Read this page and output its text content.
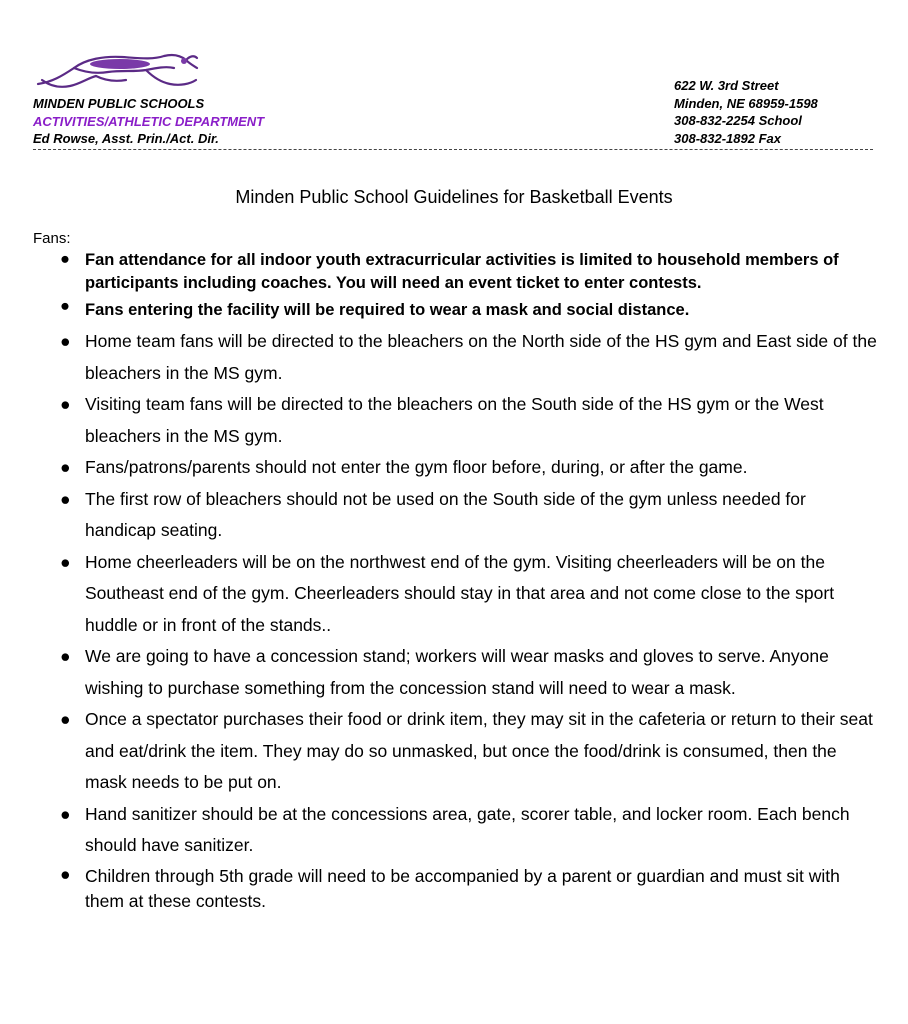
MINDEN PUBLIC SCHOOLS
ACTIVITIES/ATHLETIC DEPARTMENT
Ed Rowse, Asst. Prin./Act. Dir.
622 W. 3rd Street
Minden, NE 68959-1598
308-832-2254 School
308-832-1892 Fax
Minden Public School Guidelines for Basketball Events
Fans:
● Fan attendance for all indoor youth extracurricular activities is limited to household members of participants including coaches. You will need an event ticket to enter contests.
● Fans entering the facility will be required to wear a mask and social distance.
● Home team fans will be directed to the bleachers on the North side of the HS gym and East side of the bleachers in the MS gym.
● Visiting team fans will be directed to the bleachers on the South side of the HS gym or the West bleachers in the MS gym.
● Fans/patrons/parents should not enter the gym floor before, during, or after the game.
● The first row of bleachers should not be used on the South side of the gym unless needed for handicap seating.
● Home cheerleaders will be on the northwest end of the gym. Visiting cheerleaders will be on the Southeast end of the gym. Cheerleaders should stay in that area and not come close to the sport huddle or in front of the stands..
● We are going to have a concession stand; workers will wear masks and gloves to serve. Anyone wishing to purchase something from the concession stand will need to wear a mask.
● Once a spectator purchases their food or drink item, they may sit in the cafeteria or return to their seat and eat/drink the item. They may do so unmasked, but once the food/drink is consumed, then the mask needs to be put on.
● Hand sanitizer should be at the concessions area, gate, scorer table, and locker room. Each bench should have sanitizer.
● Children through 5th grade will need to be accompanied by a parent or guardian and must sit with them at these contests.
